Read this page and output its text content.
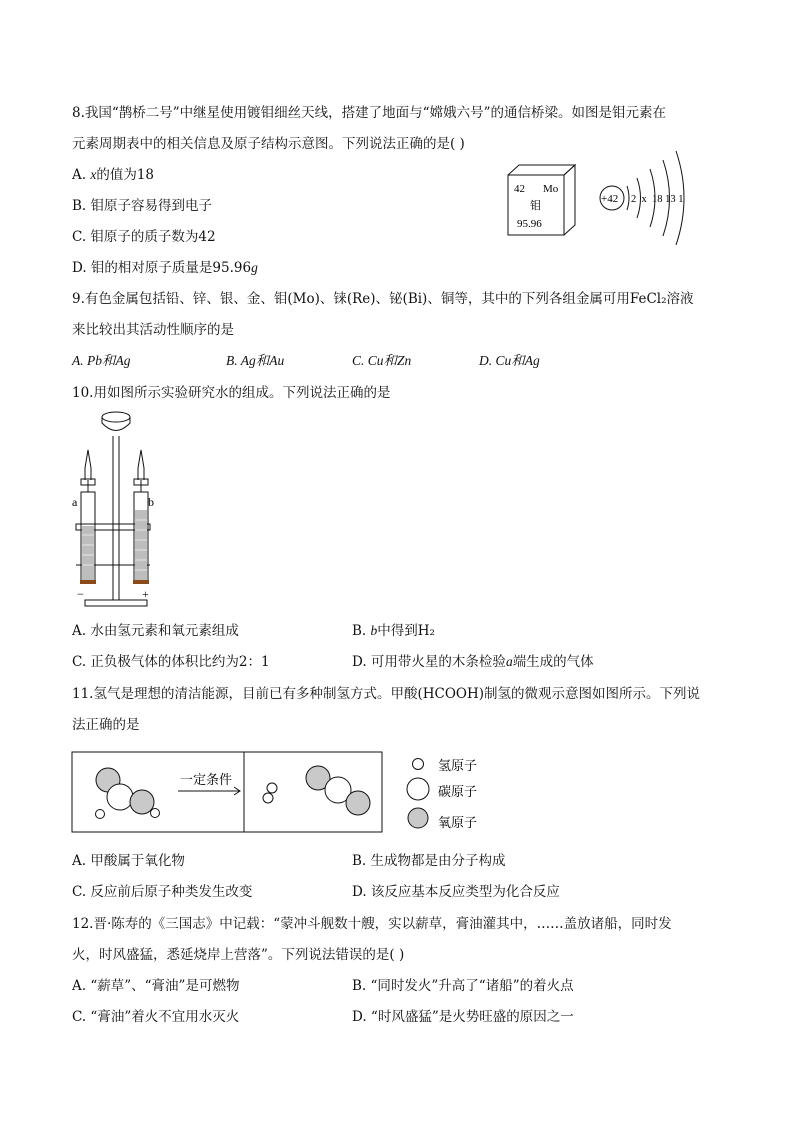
8.我国“鹊桥二号”中继星使用镀钼细丝天线，搭建了地面与“嫦娥六号”的通信桥梁。如图是钼元素在
元素周期表中的相关信息及原子结构示意图。下列说法正确的是( )
A. x的值为18
B. 钼原子容易得到电子
C. 钼原子的质子数为42
D. 钼的相对原子质量是95.96g
42 Mo
钼
95.96
+42 2  x  18 13 1
9.有色金属包括铅、锌、银、金、钼(Mo)、铼(Re)、铋(Bi)、铜等，其中的下列各组金属可用FeCl₂溶液
来比较出其活动性顺序的是
A. Pb和Ag	B. Ag和Au	C. Cu和Zn	D. Cu和Ag
10.用如图所示实验研究水的组成。下列说法正确的是
a	b
−	+
A. 水由氢元素和氧元素组成	B. b中得到H₂
C. 正负极气体的体积比约为2：1	D. 可用带火星的木条检验a端生成的气体
11.氢气是理想的清洁能源，目前已有多种制氢方式。甲酸(HCOOH)制氢的微观示意图如图所示。下列说
法正确的是
一定条件
氢原子
碳原子
氧原子
A. 甲酸属于氧化物	B. 生成物都是由分子构成
C. 反应前后原子种类发生改变	D. 该反应基本反应类型为化合反应
12.晋·陈寿的《三国志》中记载：“蒙冲斗舰数十艘，实以薪草，膏油灌其中，……盖放诸船，同时发
火，时风盛猛，悉延烧岸上营落”。下列说法错误的是( )
A. “薪草”、“膏油”是可燃物	B. “同时发火”升高了“诸船”的着火点
C. “膏油”着火不宜用水灭火	D. “时风盛猛”是火势旺盛的原因之一
